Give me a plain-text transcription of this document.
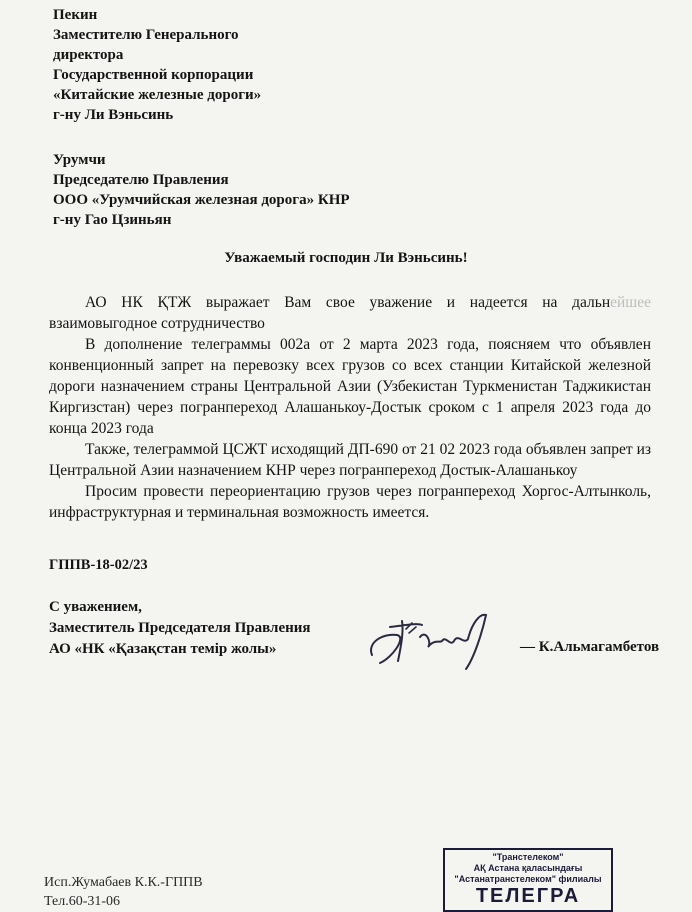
Пекин
Заместителю Генерального
директора
Государственной корпорации
«Китайские железные дороги»
г-ну Ли Вэньсинь
Урумчи
Председателю Правления
ООО «Урумчийская железная дорога» КНР
г-ну Гао Цзиньян
Уважаемый господин Ли Вэньсинь!

АО НК ҚТЖ выражает Вам свое уважение и надеется на дальнейшее взаимовыгодное сотрудничество

В дополнение телеграммы 002а от 2 марта 2023 года, поясняем что объявлен конвенционный запрет на перевозку всех грузов со всех станции Китайской железной дороги назначением страны Центральной Азии (Узбекистан Туркменистан Таджикистан Киргизстан) через погранпереход Алашанькоу-Достык сроком с 1 апреля 2023 года до конца 2023 года

Также, телеграммой ЦСЖТ исходящий ДП-690 от 21 02 2023 года объявлен запрет из Центральной Азии назначением КНР через погранпереход Достык-Алашанькоу

Просим провести переориентацию грузов через погранпереход Хоргос-Алтынколь, инфраструктурная и терминальная возможность имеется.

ГППВ-18-02/23
С уважением,
Заместитель Председателя Правления
АО «НК «Қазақстан темір жолы»	— К.Альмагамбетов
Исп.Жумабаев К.К.-ГППВ
Тел.60-31-06
"Транстелеком"
АҚ Астана қаласындағы
"Астанатранстелеком" филиалы
ТЕЛЕГРА
